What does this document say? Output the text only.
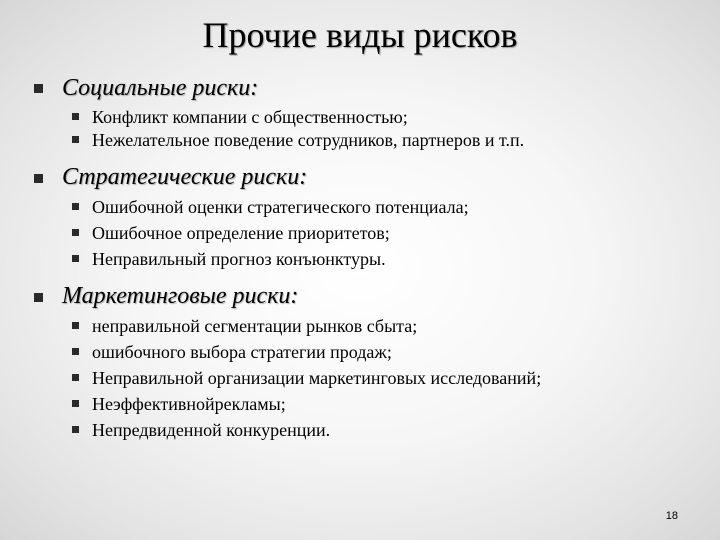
Прочие виды рисков
Социальные риски:
Конфликт компании с общественностью;
Нежелательное поведение сотрудников, партнеров и т.п.
Стратегические риски:
Ошибочной оценки стратегического потенциала;
Ошибочное определение приоритетов;
Неправильный прогноз конъюнктуры.
Маркетинговые риски:
неправильной сегментации рынков сбыта;
ошибочного выбора стратегии продаж;
Неправильной организации маркетинговых исследований;
Неэффективнойрекламы;
Непредвиденной конкуренции.
18
